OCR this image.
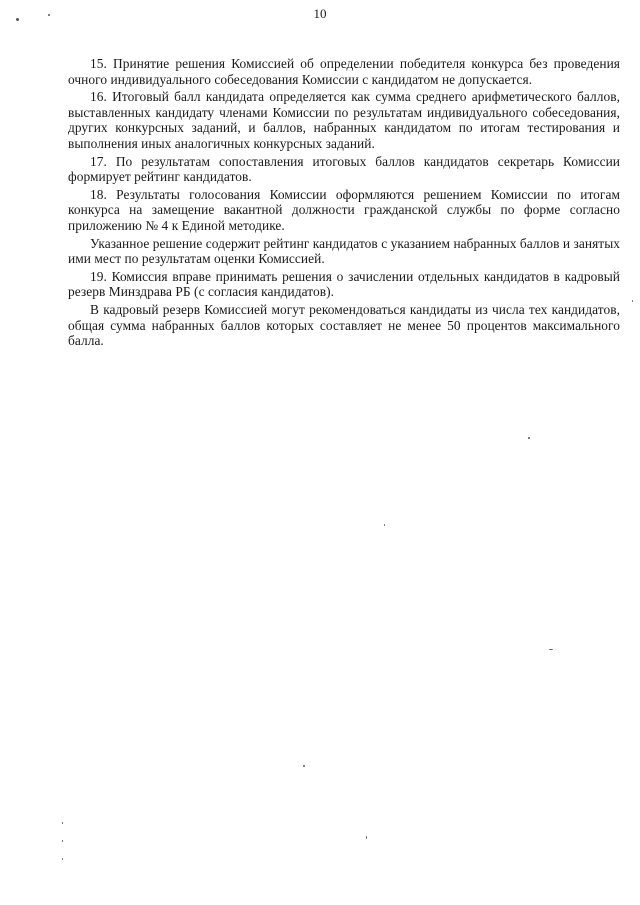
10

15. Принятие решения Комиссией об определении победителя конкурса без проведения очного индивидуального собеседования Комиссии с кандидатом не допускается.

16. Итоговый балл кандидата определяется как сумма среднего арифметического баллов, выставленных кандидату членами Комиссии по результатам индивидуального собеседования, других конкурсных заданий, и баллов, набранных кандидатом по итогам тестирования и выполнения иных аналогичных конкурсных заданий.

17. По результатам сопоставления итоговых баллов кандидатов секретарь Комиссии формирует рейтинг кандидатов.

18. Результаты голосования Комиссии оформляются решением Комиссии по итогам конкурса на замещение вакантной должности гражданской службы по форме согласно приложению № 4 к Единой методике.

Указанное решение содержит рейтинг кандидатов с указанием набранных баллов и занятых ими мест по результатам оценки Комиссией.

19. Комиссия вправе принимать решения о зачислении отдельных кандидатов в кадровый резерв Минздрава РБ (с согласия кандидатов).

В кадровый резерв Комиссией могут рекомендоваться кандидаты из числа тех кандидатов, общая сумма набранных баллов которых составляет не менее 50 процентов максимального балла.
